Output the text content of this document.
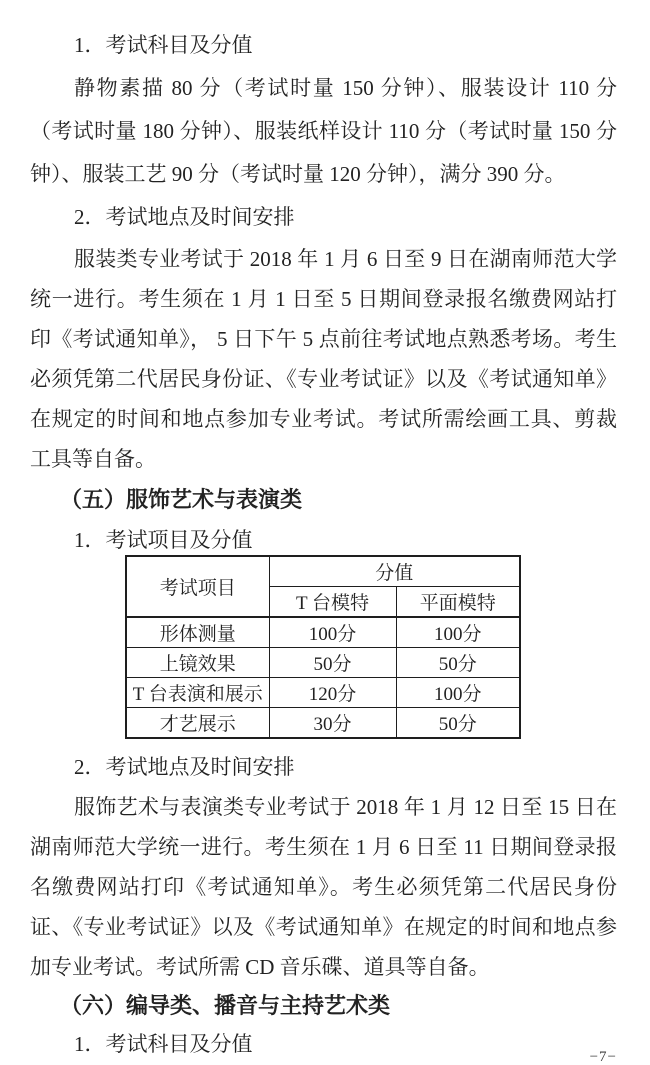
1．考试科目及分值

静物素描 80 分（考试时量 150 分钟）、服装设计 110 分（考试时量 180 分钟）、服装纸样设计 110 分（考试时量 150 分钟）、服装工艺 90 分（考试时量 120 分钟），满分 390 分。

2．考试地点及时间安排

服装类专业考试于 2018 年 1 月 6 日至 9 日在湖南师范大学统一进行。考生须在 1 月 1 日至 5 日期间登录报名缴费网站打印《考试通知单》， 5 日下午 5 点前往考试地点熟悉考场。考生必须凭第二代居民身份证、《专业考试证》以及《考试通知单》在规定的时间和地点参加专业考试。考试所需绘画工具、剪裁工具等自备。

（五）服饰艺术与表演类
1．考试项目及分值
考试项目	分值	
	T 台模特	平面模特
形体测量	100分	100分
上镜效果	50分	50分
T 台表演和展示	120分	100分
才艺展示	30分	50分
2．考试地点及时间安排

服饰艺术与表演类专业考试于 2018 年 1 月 12 日至 15 日在湖南师范大学统一进行。考生须在 1 月 6 日至 11 日期间登录报名缴费网站打印《考试通知单》。考生必须凭第二代居民身份证、《专业考试证》以及《考试通知单》在规定的时间和地点参加专业考试。考试所需 CD 音乐碟、道具等自备。

（六）编导类、播音与主持艺术类
1．考试科目及分值
−7−
